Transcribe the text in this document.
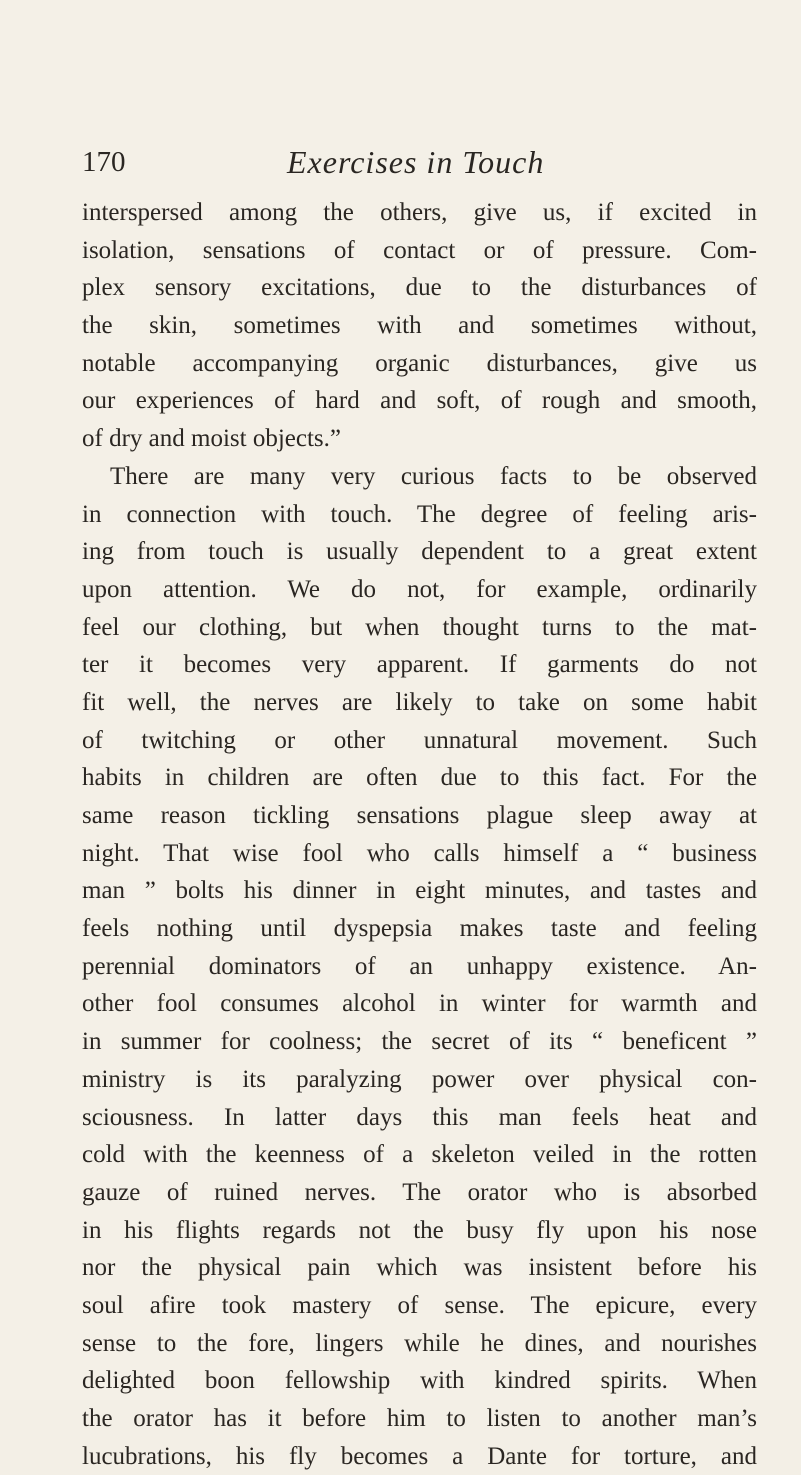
170	Exercises in Touch
interspersed among the others, give us, if excited in
isolation, sensations of contact or of pressure. Com-
plex sensory excitations, due to the disturbances of
the skin, sometimes with and sometimes without,
notable accompanying organic disturbances, give us
our experiences of hard and soft, of rough and smooth,
of dry and moist objects.”
There are many very curious facts to be observed
in connection with touch. The degree of feeling aris-
ing from touch is usually dependent to a great extent
upon attention. We do not, for example, ordinarily
feel our clothing, but when thought turns to the mat-
ter it becomes very apparent. If garments do not
fit well, the nerves are likely to take on some habit
of twitching or other unnatural movement. Such
habits in children are often due to this fact. For the
same reason tickling sensations plague sleep away at
night. That wise fool who calls himself a “ business
man ” bolts his dinner in eight minutes, and tastes and
feels nothing until dyspepsia makes taste and feeling
perennial dominators of an unhappy existence. An-
other fool consumes alcohol in winter for warmth and
in summer for coolness; the secret of its “ beneficent ”
ministry is its paralyzing power over physical con-
sciousness. In latter days this man feels heat and
cold with the keenness of a skeleton veiled in the rotten
gauze of ruined nerves. The orator who is absorbed
in his flights regards not the busy fly upon his nose
nor the physical pain which was insistent before his
soul afire took mastery of sense. The epicure, every
sense to the fore, lingers while he dines, and nourishes
delighted boon fellowship with kindred spirits. When
the orator has it before him to listen to another man’s
lucubrations, his fly becomes a Dante for torture, and
